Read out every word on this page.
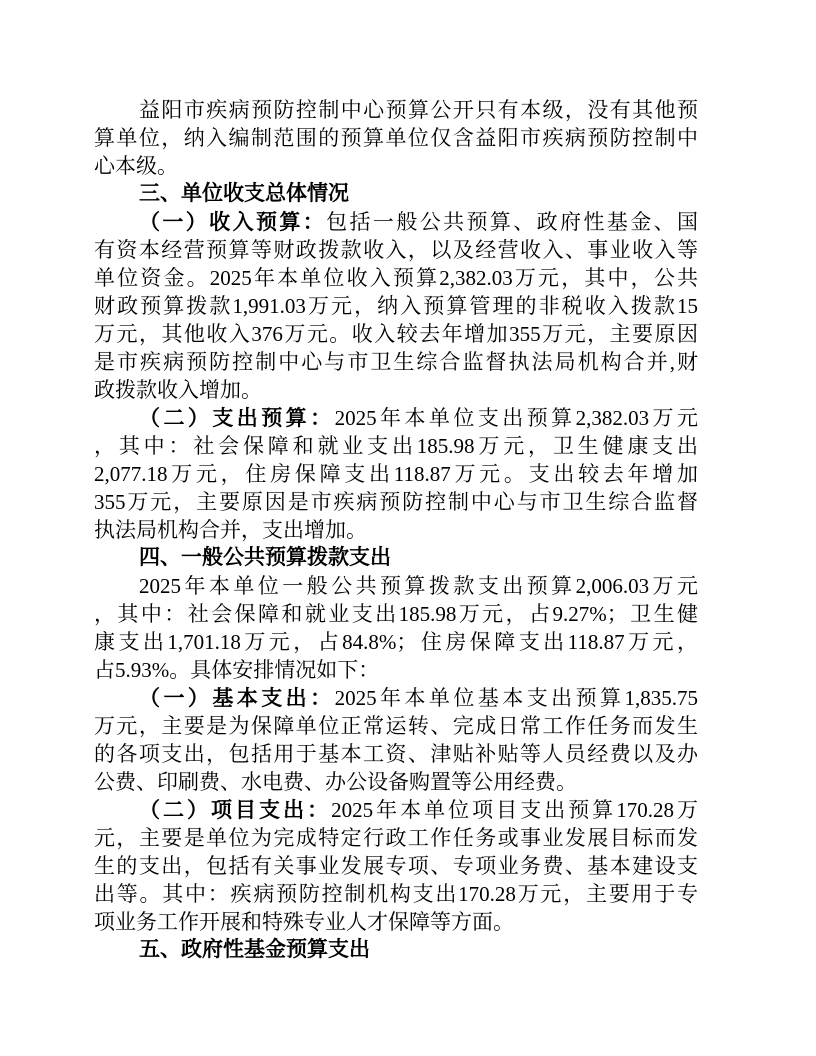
益阳市疾病预防控制中心预算公开只有本级，没有其他预
算单位，纳入编制范围的预算单位仅含益阳市疾病预防控制中
心本级。
三、单位收支总体情况
（一）收入预算：包括一般公共预算、政府性基金、国
有资本经营预算等财政拨款收入，以及经营收入、事业收入等
单位资金。2025年本单位收入预算2,382.03万元，其中，公共
财政预算拨款1,991.03万元，纳入预算管理的非税收入拨款15
万元，其他收入376万元。收入较去年增加355万元，主要原因
是市疾病预防控制中心与市卫生综合监督执法局机构合并,财
政拨款收入增加。
（二）支出预算：2025年本单位支出预算2,382.03万元
，其中：社会保障和就业支出185.98万元，卫生健康支出
2,077.18万元，住房保障支出118.87万元。支出较去年增加
355万元，主要原因是市疾病预防控制中心与市卫生综合监督
执法局机构合并，支出增加。
四、一般公共预算拨款支出
2025年本单位一般公共预算拨款支出预算2,006.03万元
，其中：社会保障和就业支出185.98万元，占9.27%；卫生健
康支出1,701.18万元，占84.8%；住房保障支出118.87万元，
占5.93%。具体安排情况如下：
（一）基本支出：2025年本单位基本支出预算1,835.75
万元，主要是为保障单位正常运转、完成日常工作任务而发生
的各项支出，包括用于基本工资、津贴补贴等人员经费以及办
公费、印刷费、水电费、办公设备购置等公用经费。
（二）项目支出：2025年本单位项目支出预算170.28万
元，主要是单位为完成特定行政工作任务或事业发展目标而发
生的支出，包括有关事业发展专项、专项业务费、基本建设支
出等。其中：疾病预防控制机构支出170.28万元，主要用于专
项业务工作开展和特殊专业人才保障等方面。
五、政府性基金预算支出
